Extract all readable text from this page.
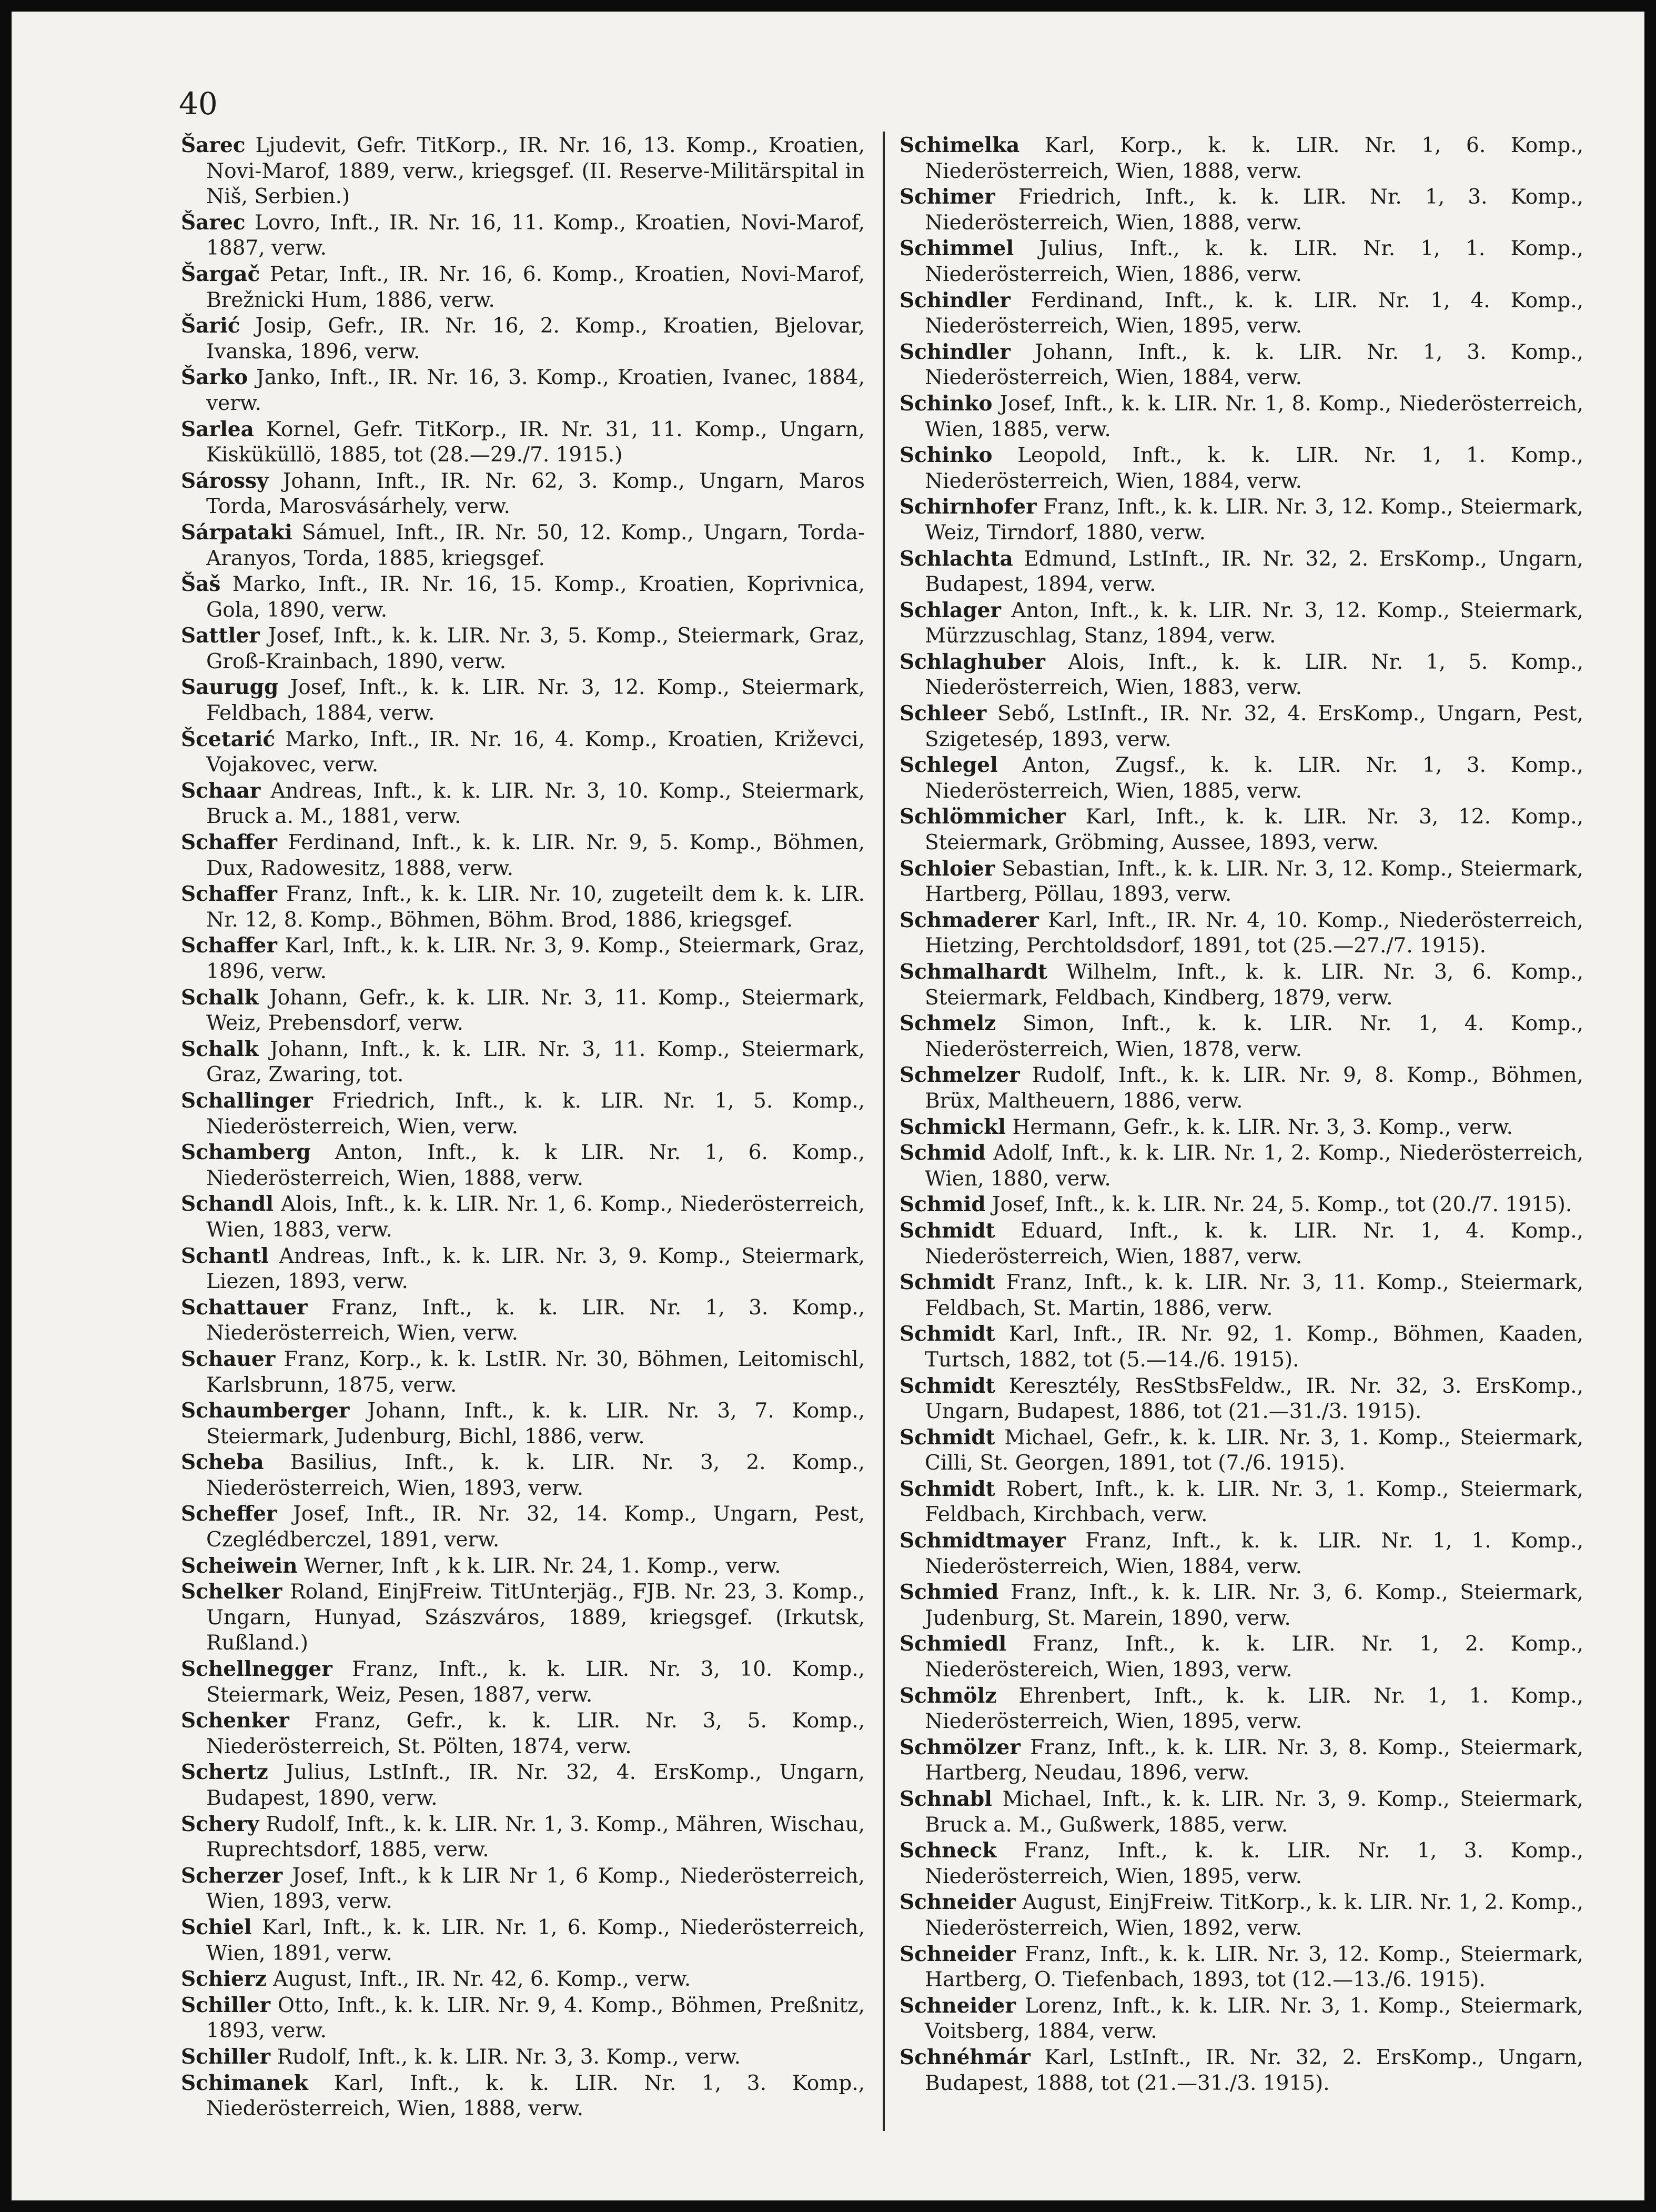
40

Šarec Ljudevit, Gefr. TitKorp., IR. Nr. 16, 13. Komp., Kroatien, Novi-Marof, 1889, verw., kriegsgef. (II. Reserve-Militärspital in Niš, Serbien.)

Šarec Lovro, Inft., IR. Nr. 16, 11. Komp., Kroatien, Novi-Marof, 1887, verw.

Šargač Petar, Inft., IR. Nr. 16, 6. Komp., Kroatien, Novi-Marof, Brežnicki Hum, 1886, verw.

Šarić Josip, Gefr., IR. Nr. 16, 2. Komp., Kroatien, Bjelovar, Ivanska, 1896, verw.

Šarko Janko, Inft., IR. Nr. 16, 3. Komp., Kroatien, Ivanec, 1884, verw.

Sarlea Kornel, Gefr. TitKorp., IR. Nr. 31, 11. Komp., Ungarn, Kisküküllö, 1885, tot (28.—29./7. 1915.)

Sárossy Johann, Inft., IR. Nr. 62, 3. Komp., Ungarn, Maros Torda, Marosvásárhely, verw.

Sárpataki Sámuel, Inft., IR. Nr. 50, 12. Komp., Ungarn, Torda-Aranyos, Torda, 1885, kriegsgef.

Šaš Marko, Inft., IR. Nr. 16, 15. Komp., Kroatien, Koprivnica, Gola, 1890, verw.

Sattler Josef, Inft., k. k. LIR. Nr. 3, 5. Komp., Steiermark, Graz, Groß-Krainbach, 1890, verw.

Saurugg Josef, Inft., k. k. LIR. Nr. 3, 12. Komp., Steiermark, Feldbach, 1884, verw.

Šcetarić Marko, Inft., IR. Nr. 16, 4. Komp., Kroatien, Križevci, Vojakovec, verw.

Schaar Andreas, Inft., k. k. LIR. Nr. 3, 10. Komp., Steiermark, Bruck a. M., 1881, verw.

Schaffer Ferdinand, Inft., k. k. LIR. Nr. 9, 5. Komp., Böhmen, Dux, Radowesitz, 1888, verw.

Schaffer Franz, Inft., k. k. LIR. Nr. 10, zugeteilt dem k. k. LIR. Nr. 12, 8. Komp., Böhmen, Böhm. Brod, 1886, kriegsgef.

Schaffer Karl, Inft., k. k. LIR. Nr. 3, 9. Komp., Steiermark, Graz, 1896, verw.

Schalk Johann, Gefr., k. k. LIR. Nr. 3, 11. Komp., Steiermark, Weiz, Prebensdorf, verw.

Schalk Johann, Inft., k. k. LIR. Nr. 3, 11. Komp., Steiermark, Graz, Zwaring, tot.

Schallinger Friedrich, Inft., k. k. LIR. Nr. 1, 5. Komp., Niederösterreich, Wien, verw.

Schamberg Anton, Inft., k. k LIR. Nr. 1, 6. Komp., Niederösterreich, Wien, 1888, verw.

Schandl Alois, Inft., k. k. LIR. Nr. 1, 6. Komp., Niederösterreich, Wien, 1883, verw.

Schantl Andreas, Inft., k. k. LIR. Nr. 3, 9. Komp., Steiermark, Liezen, 1893, verw.

Schattauer Franz, Inft., k. k. LIR. Nr. 1, 3. Komp., Niederösterreich, Wien, verw.

Schauer Franz, Korp., k. k. LstIR. Nr. 30, Böhmen, Leitomischl, Karlsbrunn, 1875, verw.

Schaumberger Johann, Inft., k. k. LIR. Nr. 3, 7. Komp., Steiermark, Judenburg, Bichl, 1886, verw.

Scheba Basilius, Inft., k. k. LIR. Nr. 3, 2. Komp., Niederösterreich, Wien, 1893, verw.

Scheffer Josef, Inft., IR. Nr. 32, 14. Komp., Ungarn, Pest, Czeglédberczel, 1891, verw.

Scheiwein Werner, Inft , k k. LIR. Nr. 24, 1. Komp., verw.

Schelker Roland, EinjFreiw. TitUnterjäg., FJB. Nr. 23, 3. Komp., Ungarn, Hunyad, Szászváros, 1889, kriegsgef. (Irkutsk, Rußland.)

Schellnegger Franz, Inft., k. k. LIR. Nr. 3, 10. Komp., Steiermark, Weiz, Pesen, 1887, verw.

Schenker Franz, Gefr., k. k. LIR. Nr. 3, 5. Komp., Niederösterreich, St. Pölten, 1874, verw.

Schertz Julius, LstInft., IR. Nr. 32, 4. ErsKomp., Ungarn, Budapest, 1890, verw.

Schery Rudolf, Inft., k. k. LIR. Nr. 1, 3. Komp., Mähren, Wischau, Ruprechtsdorf, 1885, verw.

Scherzer Josef, Inft., k k LIR Nr 1, 6 Komp., Niederösterreich, Wien, 1893, verw.

Schiel Karl, Inft., k. k. LIR. Nr. 1, 6. Komp., Niederösterreich, Wien, 1891, verw.

Schierz August, Inft., IR. Nr. 42, 6. Komp., verw.

Schiller Otto, Inft., k. k. LIR. Nr. 9, 4. Komp., Böhmen, Preßnitz, 1893, verw.

Schiller Rudolf, Inft., k. k. LIR. Nr. 3, 3. Komp., verw.

Schimanek Karl, Inft., k. k. LIR. Nr. 1, 3. Komp., Niederösterreich, Wien, 1888, verw.

Schimelka Karl, Korp., k. k. LIR. Nr. 1, 6. Komp., Niederösterreich, Wien, 1888, verw.

Schimer Friedrich, Inft., k. k. LIR. Nr. 1, 3. Komp., Niederösterreich, Wien, 1888, verw.

Schimmel Julius, Inft., k. k. LIR. Nr. 1, 1. Komp., Niederösterreich, Wien, 1886, verw.

Schindler Ferdinand, Inft., k. k. LIR. Nr. 1, 4. Komp., Niederösterreich, Wien, 1895, verw.

Schindler Johann, Inft., k. k. LIR. Nr. 1, 3. Komp., Niederösterreich, Wien, 1884, verw.

Schinko Josef, Inft., k. k. LIR. Nr. 1, 8. Komp., Niederösterreich, Wien, 1885, verw.

Schinko Leopold, Inft., k. k. LIR. Nr. 1, 1. Komp., Niederösterreich, Wien, 1884, verw.

Schirnhofer Franz, Inft., k. k. LIR. Nr. 3, 12. Komp., Steiermark, Weiz, Tirndorf, 1880, verw.

Schlachta Edmund, LstInft., IR. Nr. 32, 2. ErsKomp., Ungarn, Budapest, 1894, verw.

Schlager Anton, Inft., k. k. LIR. Nr. 3, 12. Komp., Steiermark, Mürzzuschlag, Stanz, 1894, verw.

Schlaghuber Alois, Inft., k. k. LIR. Nr. 1, 5. Komp., Niederösterreich, Wien, 1883, verw.

Schleer Sebő, LstInft., IR. Nr. 32, 4. ErsKomp., Ungarn, Pest, Szigetesép, 1893, verw.

Schlegel Anton, Zugsf., k. k. LIR. Nr. 1, 3. Komp., Niederösterreich, Wien, 1885, verw.

Schlömmicher Karl, Inft., k. k. LIR. Nr. 3, 12. Komp., Steiermark, Gröbming, Aussee, 1893, verw.

Schloier Sebastian, Inft., k. k. LIR. Nr. 3, 12. Komp., Steiermark, Hartberg, Pöllau, 1893, verw.

Schmaderer Karl, Inft., IR. Nr. 4, 10. Komp., Niederösterreich, Hietzing, Perchtoldsdorf, 1891, tot (25.—27./7. 1915).

Schmalhardt Wilhelm, Inft., k. k. LIR. Nr. 3, 6. Komp., Steiermark, Feldbach, Kindberg, 1879, verw.

Schmelz Simon, Inft., k. k. LIR. Nr. 1, 4. Komp., Niederösterreich, Wien, 1878, verw.

Schmelzer Rudolf, Inft., k. k. LIR. Nr. 9, 8. Komp., Böhmen, Brüx, Maltheuern, 1886, verw.

Schmickl Hermann, Gefr., k. k. LIR. Nr. 3, 3. Komp., verw.

Schmid Adolf, Inft., k. k. LIR. Nr. 1, 2. Komp., Niederösterreich, Wien, 1880, verw.

Schmid Josef, Inft., k. k. LIR. Nr. 24, 5. Komp., tot (20./7. 1915).

Schmidt Eduard, Inft., k. k. LIR. Nr. 1, 4. Komp., Niederösterreich, Wien, 1887, verw.

Schmidt Franz, Inft., k. k. LIR. Nr. 3, 11. Komp., Steiermark, Feldbach, St. Martin, 1886, verw.

Schmidt Karl, Inft., IR. Nr. 92, 1. Komp., Böhmen, Kaaden, Turtsch, 1882, tot (5.—14./6. 1915).

Schmidt Keresztély, ResStbsFeldw., IR. Nr. 32, 3. ErsKomp., Ungarn, Budapest, 1886, tot (21.—31./3. 1915).

Schmidt Michael, Gefr., k. k. LIR. Nr. 3, 1. Komp., Steiermark, Cilli, St. Georgen, 1891, tot (7./6. 1915).

Schmidt Robert, Inft., k. k. LIR. Nr. 3, 1. Komp., Steiermark, Feldbach, Kirchbach, verw.

Schmidtmayer Franz, Inft., k. k. LIR. Nr. 1, 1. Komp., Niederösterreich, Wien, 1884, verw.

Schmied Franz, Inft., k. k. LIR. Nr. 3, 6. Komp., Steiermark, Judenburg, St. Marein, 1890, verw.

Schmiedl Franz, Inft., k. k. LIR. Nr. 1, 2. Komp., Niederöstereich, Wien, 1893, verw.

Schmölz Ehrenbert, Inft., k. k. LIR. Nr. 1, 1. Komp., Niederösterreich, Wien, 1895, verw.

Schmölzer Franz, Inft., k. k. LIR. Nr. 3, 8. Komp., Steiermark, Hartberg, Neudau, 1896, verw.

Schnabl Michael, Inft., k. k. LIR. Nr. 3, 9. Komp., Steiermark, Bruck a. M., Gußwerk, 1885, verw.

Schneck Franz, Inft., k. k. LIR. Nr. 1, 3. Komp., Niederösterreich, Wien, 1895, verw.

Schneider August, EinjFreiw. TitKorp., k. k. LIR. Nr. 1, 2. Komp., Niederösterreich, Wien, 1892, verw.

Schneider Franz, Inft., k. k. LIR. Nr. 3, 12. Komp., Steiermark, Hartberg, O. Tiefenbach, 1893, tot (12.—13./6. 1915).

Schneider Lorenz, Inft., k. k. LIR. Nr. 3, 1. Komp., Steiermark, Voitsberg, 1884, verw.

Schnéhmár Karl, LstInft., IR. Nr. 32, 2. ErsKomp., Ungarn, Budapest, 1888, tot (21.—31./3. 1915).
